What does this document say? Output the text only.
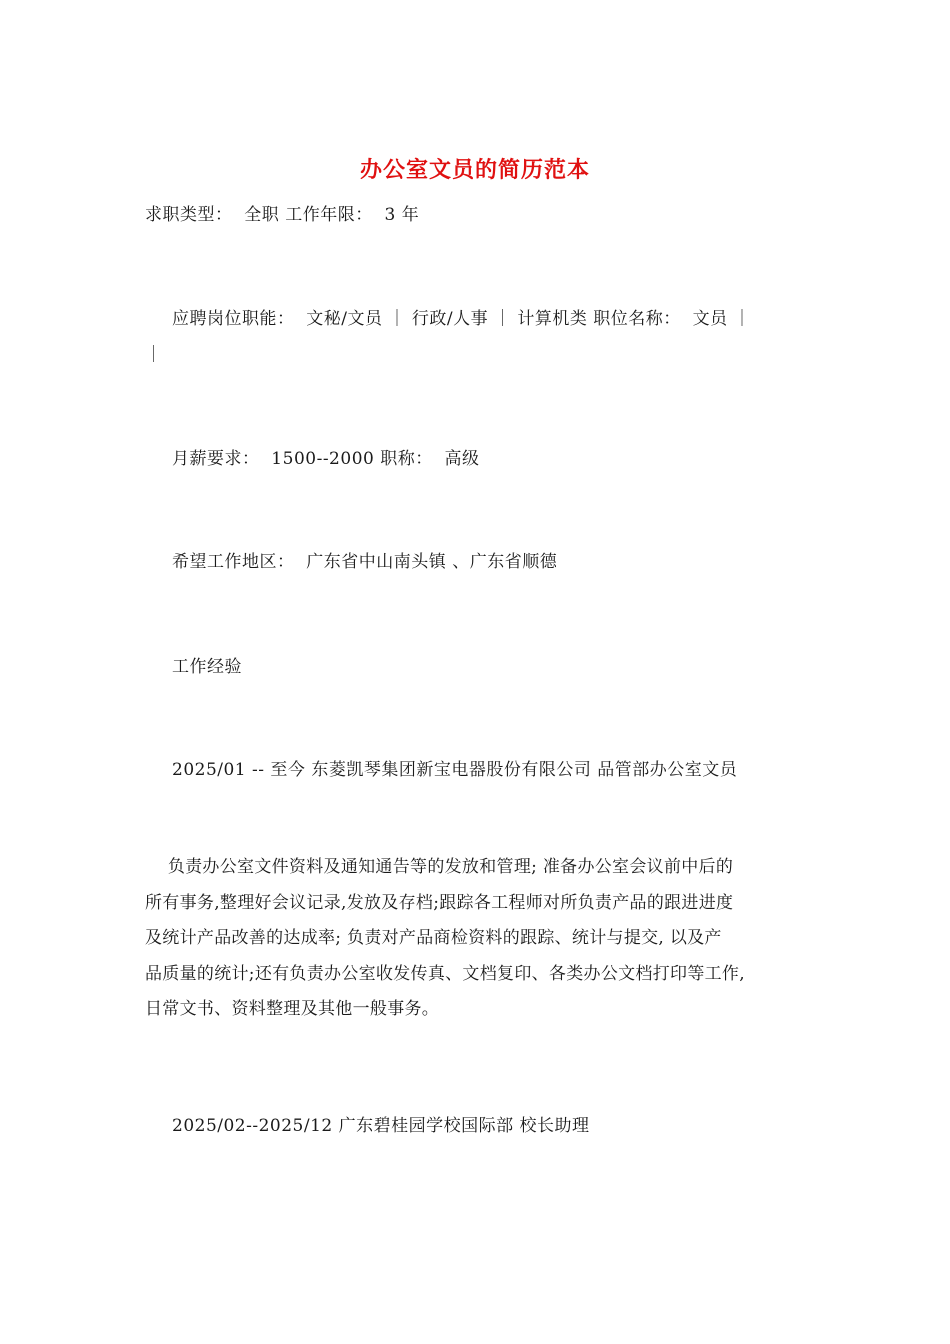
办公室文员的简历范本
求职类型：  全职 工作年限：  3 年
应聘岗位职能：  文秘/文员 ｜ 行政/人事 ｜ 计算机类 职位名称：  文员 ｜
｜
月薪要求：  1500--2000 职称：  高级
希望工作地区：  广东省中山南头镇 、广东省顺德
工作经验
2025/01 -- 至今 东菱凯琴集团新宝电器股份有限公司 品管部办公室文员
负责办公室文件资料及通知通告等的发放和管理; 准备办公室会议前中后的
所有事务,整理好会议记录,发放及存档;跟踪各工程师对所负责产品的跟进进度
及统计产品改善的达成率; 负责对产品商检资料的跟踪、统计与提交, 以及产
品质量的统计;还有负责办公室收发传真、文档复印、各类办公文档打印等工作,
日常文书、资料整理及其他一般事务。
2025/02--2025/12 广东碧桂园学校国际部 校长助理
